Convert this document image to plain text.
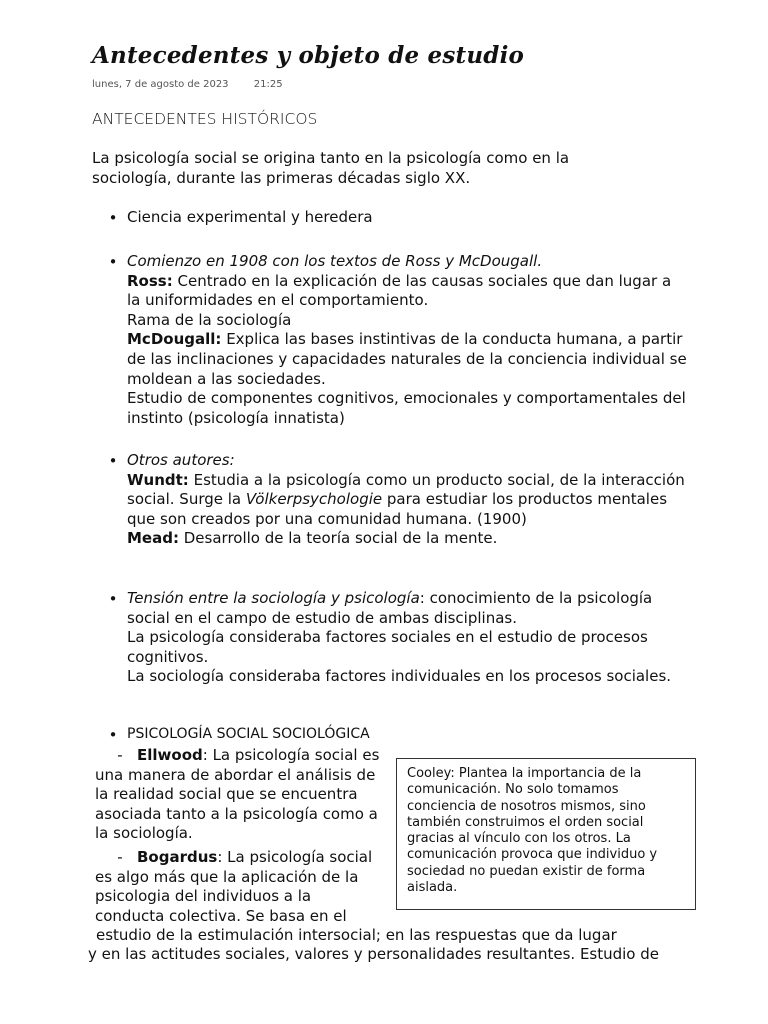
Antecedentes y objeto de estudio
lunes, 7 de agosto de 2023	21:25
ANTECEDENTES HISTÓRICOS
La psicología social se origina tanto en la psicología como en la sociología, durante las primeras décadas siglo XX.
• Ciencia experimental y heredera
• Comienzo en 1908 con los textos de Ross y McDougall.

Ross: Centrado en la explicación de las causas sociales que dan lugar a la uniformidades en el comportamiento.

Rama de la sociología

McDougall: Explica las bases instintivas de la conducta humana, a partir de las inclinaciones y capacidades naturales de la conciencia individual se moldean a las sociedades.

Estudio de componentes cognitivos, emocionales y comportamentales del instinto (psicología innatista)

• Otros autores:

Wundt: Estudia a la psicología como un producto social, de la interacción social. Surge la Völkerpsychologie para estudiar los productos mentales que son creados por una comunidad humana. (1900)

Mead: Desarrollo de la teoría social de la mente.

• Tensión entre la sociología y psicología: conocimiento de la psicología social en el campo de estudio de ambas disciplinas.

La psicología consideraba factores sociales en el estudio de procesos cognitivos.

La sociología consideraba factores individuales en los procesos sociales.

• PSICOLOGÍA SOCIAL SOCIOLÓGICA
- Ellwood: La psicología social es una manera de abordar el análisis de la realidad social que se encuentra asociada tanto a la psicología como a la sociología.
- Bogardus: La psicología social es algo más que la aplicación de la psicologia del individuos a la conducta colectiva. Se basa en el
Cooley: Plantea la importancia de la comunicación. No solo tomamos conciencia de nosotros mismos, sino también construimos el orden social gracias al vínculo con los otros. La comunicación provoca que individuo y sociedad no puedan existir de forma aislada.
estudio de la estimulación intersocial; en las respuestas que da lugar
y en las actitudes sociales, valores y personalidades resultantes. Estudio de
